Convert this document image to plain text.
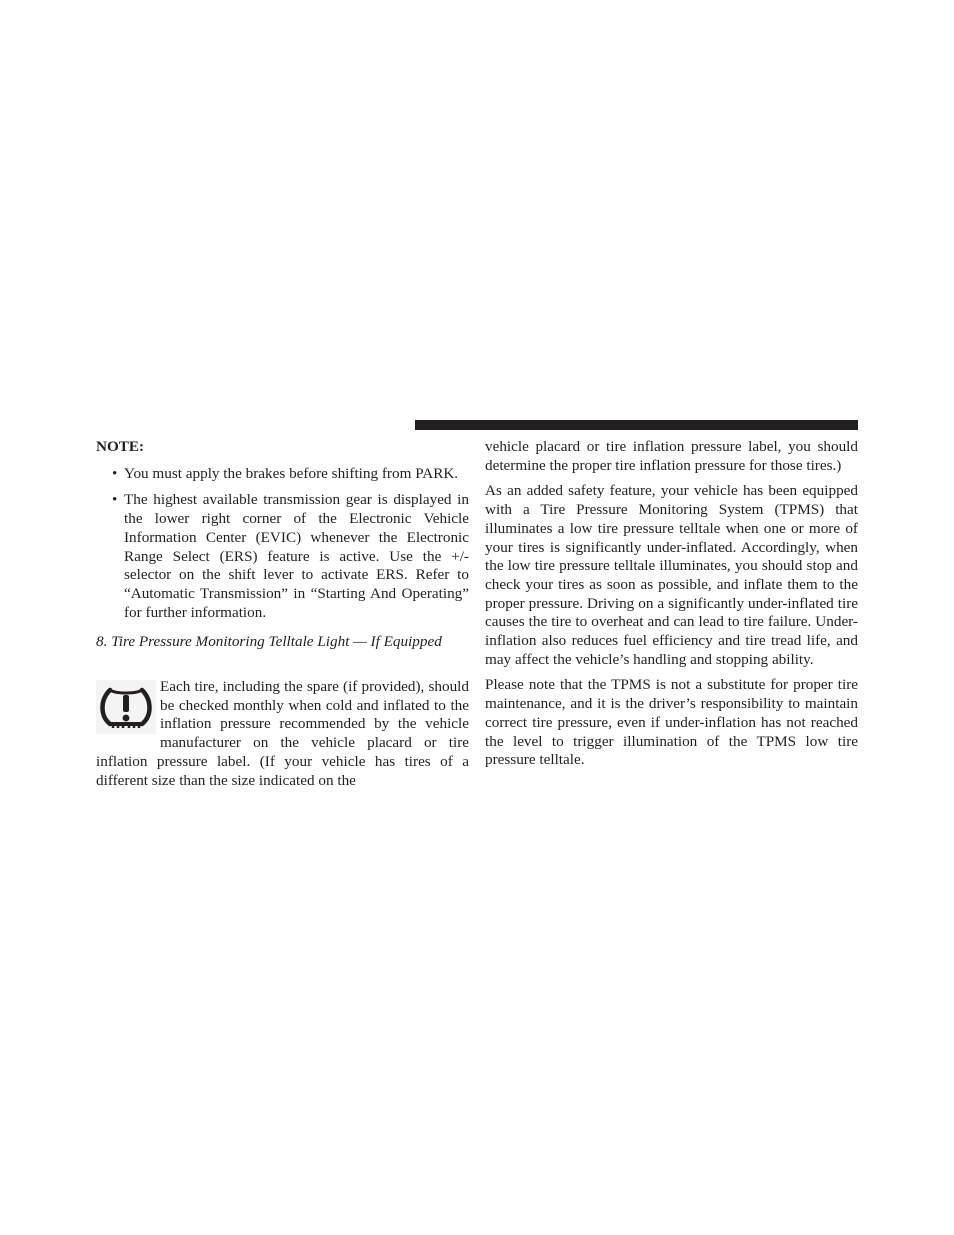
NOTE:

• You must apply the brakes before shifting from PARK.
• The highest available transmission gear is displayed in the lower right corner of the Electronic Vehicle Information Center (EVIC) whenever the Electronic Range Select (ERS) feature is active. Use the +/- selector on the shift lever to activate ERS. Refer to “Automatic Transmission” in “Starting And Operating” for further information.

8. Tire Pressure Monitoring Telltale Light — If Equipped

Each tire, including the spare (if provided), should be checked monthly when cold and inflated to the inflation pressure recommended by the vehicle manufacturer on the vehicle placard or tire inflation pressure label. (If your vehicle has tires of a different size than the size indicated on the

vehicle placard or tire inflation pressure label, you should determine the proper tire inflation pressure for those tires.)

As an added safety feature, your vehicle has been equipped with a Tire Pressure Monitoring System (TPMS) that illuminates a low tire pressure telltale when one or more of your tires is significantly under-inflated. Accordingly, when the low tire pressure telltale illuminates, you should stop and check your tires as soon as possible, and inflate them to the proper pressure. Driving on a significantly under-inflated tire causes the tire to overheat and can lead to tire failure. Under-inflation also reduces fuel efficiency and tire tread life, and may affect the vehicle’s handling and stopping ability.

Please note that the TPMS is not a substitute for proper tire maintenance, and it is the driver’s responsibility to maintain correct tire pressure, even if under-inflation has not reached the level to trigger illumination of the TPMS low tire pressure telltale.
